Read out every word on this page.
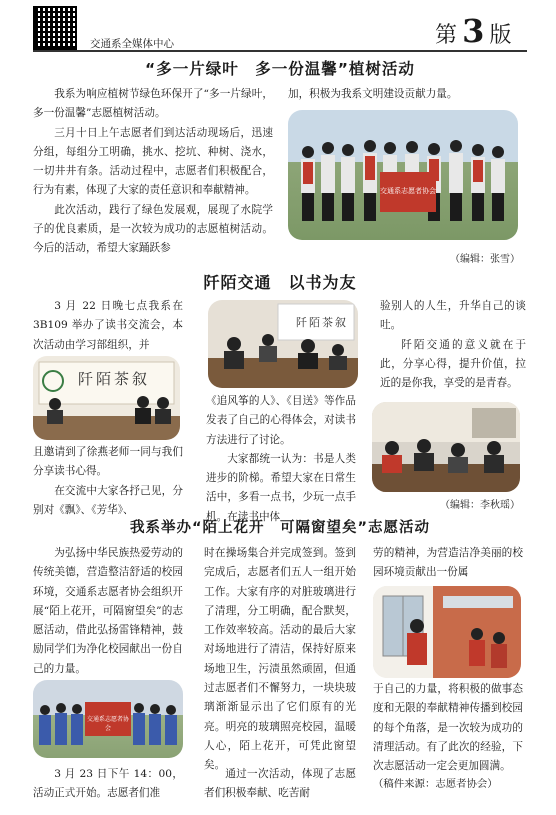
交通系全媒体中心	第 3 版
“多一片绿叶　多一份温馨”植树活动
我系为响应植树节绿色环保开了“多一片绿叶，多一份温馨”志愿植树活动。
三月十日上午志愿者们到达活动现场后，迅速分组，每组分工明确，挑水、挖坑、种树、浇水，一切井井有条。活动过程中，志愿者们积极配合，行为有素，体现了大家的责任意识和奉献精神。
此次活动，践行了绿色发展观，展现了水院学子的优良素质，是一次较为成功的志愿植树活动。今后的活动，希望大家踊跃参
加，积极为我系文明建设贡献力量。
交通系志愿者协会
（编辑：张雪）
阡陌交通　以书为友
3 月 22 日晚七点我系在 3B109 举办了读书交流会，本次活动由学习部组织，并
阡陌茶叙
且邀请到了徐燕老师一同与我们分享读书心得。
在交流中大家各抒己见，分别对《飘》、《芳华》、
阡陌茶叙
《追风筝的人》、《目送》等作品发表了自己的心得体会，对读书方法进行了讨论。
大家都统一认为：书是人类进步的阶梯。希望大家在日常生活中，多看一点书，少玩一点手机。在读书中体
验别人的人生，升华自己的谈吐。
阡陌交通的意义就在于此，分享心得，提升价值，拉近的是你我，享受的是青春。
（编辑：李秋瑶）
我系举办“陌上花开　可隔窗望矣”志愿活动
为弘扬中华民族热爱劳动的传统美德，营造整洁舒适的校园环境，交通系志愿者协会组织开展“陌上花开，可隔窗望矣”的志愿活动，借此弘扬雷锋精神，鼓励同学们为净化校园献出一份自己的力量。
交通系志愿者协会
3 月 23 日下午 14：00，活动正式开始。志愿者们准
时在操场集合并完成签到。签到完成后，志愿者们五人一组开始工作。大家有序的对脏玻璃进行了清理，分工明确，配合默契，工作效率较高。活动的最后大家对场地进行了清洁，保持好原来场地卫生，污渍虽然顽固，但通过志愿者们不懈努力，一块块玻璃渐渐显示出了它们原有的光亮。明亮的玻璃照亮校园，温暖人心，陌上花开，可凭此窗望矣。
通过一次活动，体现了志愿者们积极奉献、吃苦耐
劳的精神，为营造洁净美丽的校园环境贡献出一份属
于自己的力量，将积极的做事态度和无限的奉献精神传播到校园的每个角落，是一次较为成功的清理活动。有了此次的经验，下次志愿活动一定会更加圆满。
（稿件来源：志愿者协会）
